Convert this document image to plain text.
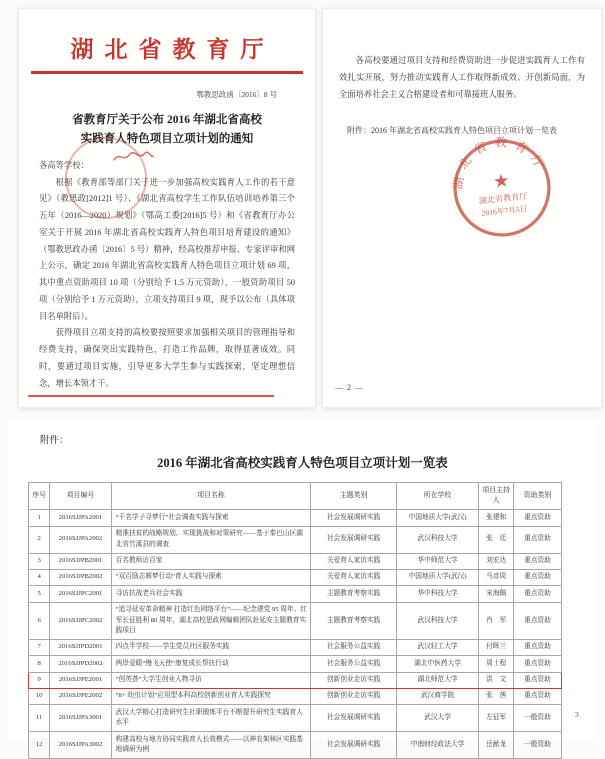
湖北省教育厅
鄂教思政函〔2016〕8 号
省教育厅关于公布 2016 年湖北省高校
实践育人特色项目立项计划的通知
各高等学校：
根据《教育部等部门关于进一步加强高校实践育人工作的若干意见》（教思政[2012]1 号）、《湖北省高校学生工作队伍培训培养第三个五年（2016—2020）规划》（鄂高工委[2016]5 号）和《省教育厅办公室关于开展 2016 年湖北省高校实践育人特色项目培育建设的通知》（鄂教思政办函〔2016〕5 号）精神，经高校推荐申报、专家评审和网上公示，确定 2016 年湖北省高校实践育人特色项目立项计划 69 项，其中重点资助项目 10 项（分别给予 1.5 万元资助），一般资助项目 50 项（分别给予 1 万元资助），立项支持项目 9 项，现予以公布（具体项目名单附后）。
获得项目立项支持的高校要按照要求加强相关项目的管理指导和经费支持，确保突出实践特色，打造工作品牌，取得显著成效。同时，要通过项目实施，引导更多大学生参与实践探索，坚定理想信念，增长本领才干。
各高校要通过项目支持和经费资助进一步促进实践育人工作有效扎实开展，努力推动实践育人工作取得新成效、开创新局面，为全面培养社会主义合格建设者和可靠接班人服务。
附件：2016 年湖北省高校实践育人特色项目立项计划一览表
湖北省教育厅
★
湖北省教育厅
2016年7月5日
— 2 —
附件：
2016 年湖北省高校实践育人特色项目立项计划一览表
序号	项目编号	项目名称	主题类别	所在学校	项目主持人	资助类别
1	2016SJJPA2001	“千名学子寻梦行”社会调查实践与探索	社会发展调研实践	中国地质大学(武汉)	张建和	重点资助
2	2016SJJPA2002	精准扶贫的战略规划、实现挑战和对策研究——基于秦巴山区湖北省竹溪县的调查	社会发展调研实践	武汉科技大学	张　廷	重点资助
3	2016SJJPB2001	百名教师访百家	关爱育人家访实践	华中师范大学	刘宏达	重点资助
4	2016SJJPB2002	“双百励志圆梦行动”育人实践与探索	关爱育人家访实践	中国地质大学(武汉)	马彦周	重点资助
5	2016SJJPC2001	寻访抗战老兵社会实践	主题教育考察实践	华中科技大学	宋海佩	重点资助
6	2016SJJPC2002	“追寻延安革命精神 打造红色网络平台”——纪念建党 95 周年、红军长征胜利 80 周年，湖北高校思政网编辑团队赴延安主题教育实践项目	主题教育考察实践	武汉科技大学	肖　军	重点资助
7	2016SJJPD2001	四点半学校——学生党员社区服务实践	社会服务公益实践	武汉轻工大学	付晖兰	重点资助
8	2016SJJPD2002	两岸爱暖“慢飞天使”康复成长帮扶行动	社会服务公益实践	湖北中医药大学	周士程	重点资助
9	2016SJJPE2001	“创英荟”大学生创业人物寻访	创新创业走访实践	湖北师范大学	洪　文	重点资助
10	2016SJJPE2002	“8+ 幼虫计划”应用型本科高校创新创业育人实践探究	创新创业走访实践	武汉商学院	张　茜	重点资助
11	2016SJJPA3001	武汉大学精心打造研究生社职锻炼平台不断提升研究生实践育人水平	社会发展调研实践	武汉大学	左征军	一般资助
12	2016SJJPA3002	构建高校与地方协同实践育人长效模式——以神农架林区实践基地调研为例	社会发展调研实践	中南财经政法大学	岳献龙	一般资助
3
